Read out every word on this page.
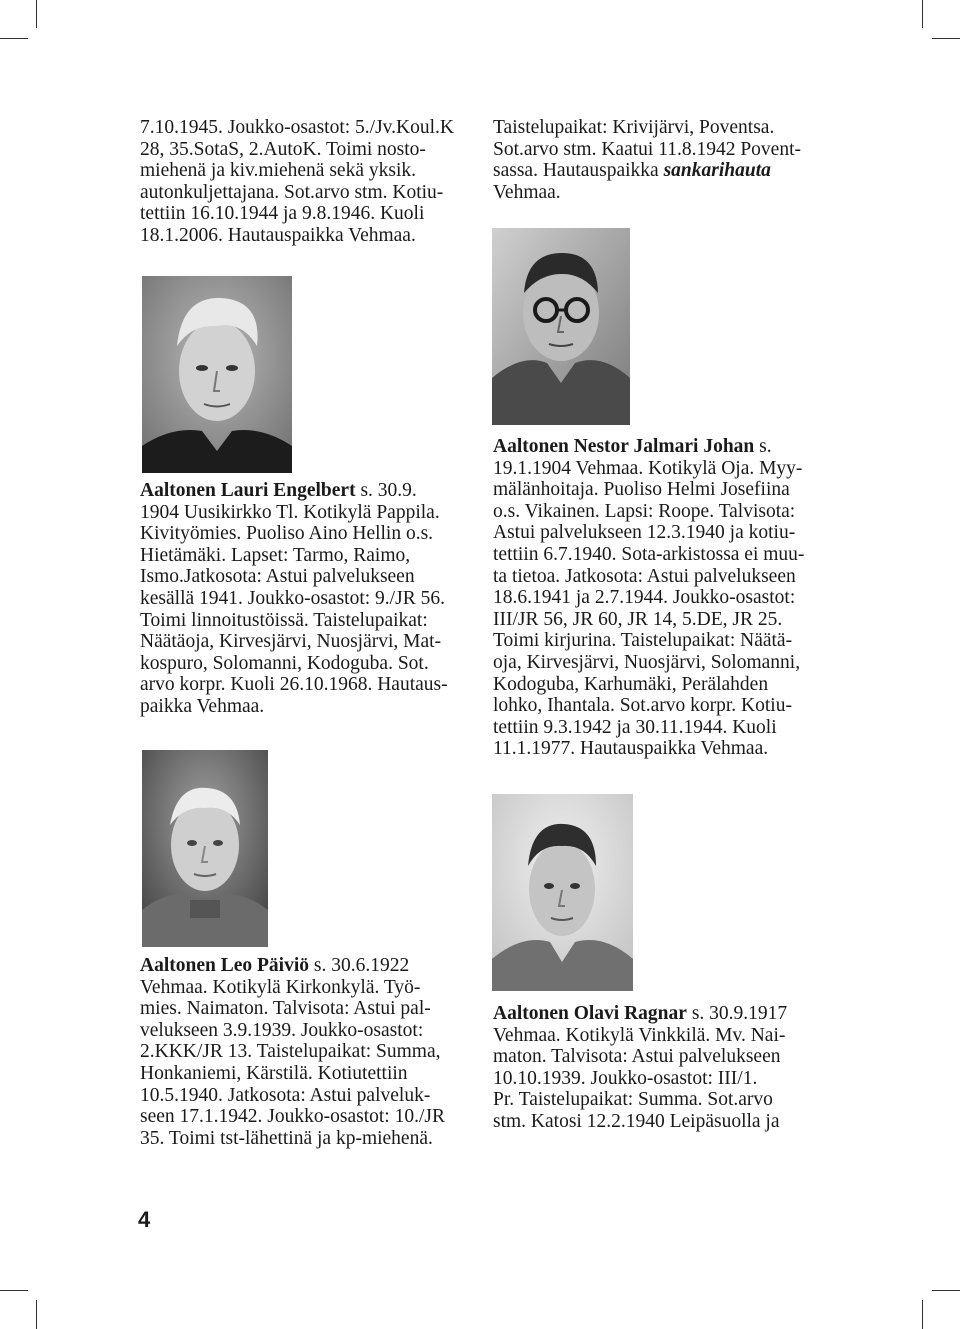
7.10.1945. Joukko-osastot: 5./Jv.Koul.K

28, 35.SotaS, 2.AutoK. Toimi nosto-

miehenä ja kiv.miehenä sekä yksik.

autonkuljettajana. Sot.arvo stm. Kotiu-

tettiin 16.10.1944 ja 9.8.1946. Kuoli

18.1.2006. Hautauspaikka Vehmaa.

Aaltonen Lauri Engelbert s. 30.9.

1904 Uusikirkko Tl. Kotikylä Pappila.

Kivityömies. Puoliso Aino Hellin o.s.

Hietämäki. Lapset: Tarmo, Raimo,

Ismo.Jatkosota: Astui palvelukseen

kesällä 1941. Joukko-osastot: 9./JR 56.

Toimi linnoitustöissä. Taistelupaikat:

Näätäoja, Kirvesjärvi, Nuosjärvi, Mat-

kospuro, Solomanni, Kodoguba. Sot.

arvo korpr. Kuoli 26.10.1968. Hautaus-

paikka Vehmaa.

Aaltonen Leo Päiviö s. 30.6.1922

Vehmaa. Kotikylä Kirkonkylä. Työ-

mies. Naimaton. Talvisota: Astui pal-

velukseen 3.9.1939. Joukko-osastot:

2.KKK/JR 13. Taistelupaikat: Summa,

Honkaniemi, Kärstilä. Kotiutettiin

10.5.1940. Jatkosota: Astui palveluk-

seen 17.1.1942. Joukko-osastot: 10./JR

35. Toimi tst-lähettinä ja kp-miehenä.

Taistelupaikat: Krivijärvi, Poventsa.

Sot.arvo stm. Kaatui 11.8.1942 Povent-

sassa. Hautauspaikka sankarihauta

Vehmaa.

Aaltonen Nestor Jalmari Johan s.

19.1.1904 Vehmaa. Kotikylä Oja. Myy-

mälänhoitaja. Puoliso Helmi Josefiina

o.s. Vikainen. Lapsi: Roope. Talvisota:

Astui palvelukseen 12.3.1940 ja kotiu-

tettiin 6.7.1940. Sota-arkistossa ei muu-

ta tietoa. Jatkosota: Astui palvelukseen

18.6.1941 ja 2.7.1944. Joukko-osastot:

III/JR 56, JR 60, JR 14, 5.DE, JR 25.

Toimi kirjurina. Taistelupaikat: Näätä-

oja, Kirvesjärvi, Nuosjärvi, Solomanni,

Kodoguba, Karhumäki, Perälahden

lohko, Ihantala. Sot.arvo korpr. Kotiu-

tettiin 9.3.1942 ja 30.11.1944. Kuoli

11.1.1977. Hautauspaikka Vehmaa.

Aaltonen Olavi Ragnar s. 30.9.1917

Vehmaa. Kotikylä Vinkkilä. Mv. Nai-

maton. Talvisota: Astui palvelukseen

10.10.1939. Joukko-osastot: III/1.

Pr. Taistelupaikat: Summa. Sot.arvo

stm. Katosi 12.2.1940 Leipäsuolla ja

4
